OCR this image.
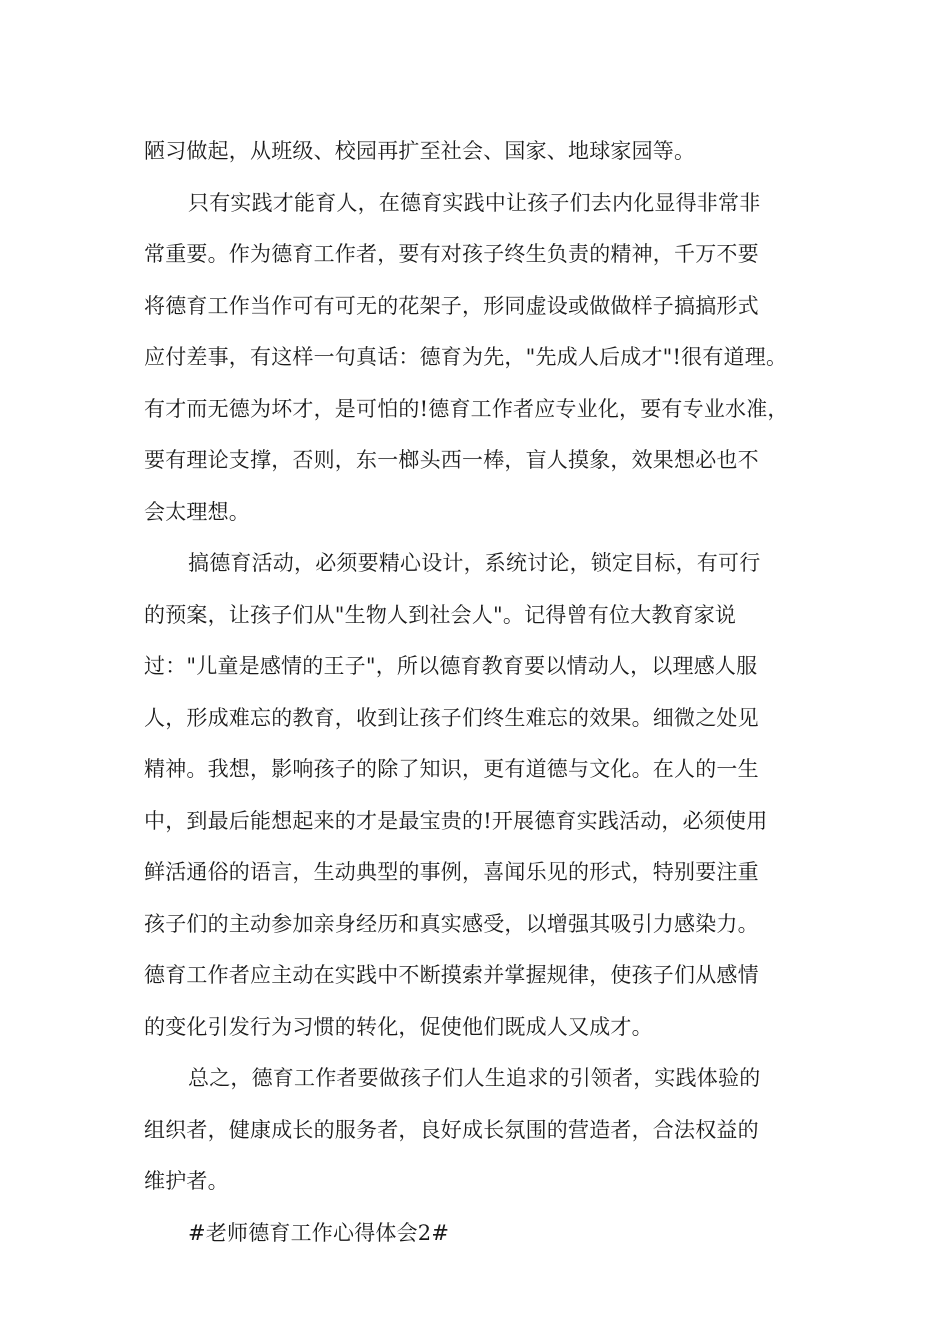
陋习做起，从班级、校园再扩至社会、国家、地球家园等。
只有实践才能育人，在德育实践中让孩子们去内化显得非常非
常重要。作为德育工作者，要有对孩子终生负责的精神，千万不要
将德育工作当作可有可无的花架子，形同虚设或做做样子搞搞形式
应付差事，有这样一句真话：德育为先，"先成人后成才"!很有道理。
有才而无德为坏才，是可怕的!德育工作者应专业化，要有专业水准，
要有理论支撑，否则，东一榔头西一棒，盲人摸象，效果想必也不
会太理想。
搞德育活动，必须要精心设计，系统讨论，锁定目标，有可行
的预案，让孩子们从"生物人到社会人"。记得曾有位大教育家说
过："儿童是感情的王子"，所以德育教育要以情动人，以理感人服
人，形成难忘的教育，收到让孩子们终生难忘的效果。细微之处见
精神。我想，影响孩子的除了知识，更有道德与文化。在人的一生
中，到最后能想起来的才是最宝贵的!开展德育实践活动，必须使用
鲜活通俗的语言，生动典型的事例，喜闻乐见的形式，特别要注重
孩子们的主动参加亲身经历和真实感受，以增强其吸引力感染力。
德育工作者应主动在实践中不断摸索并掌握规律，使孩子们从感情
的变化引发行为习惯的转化，促使他们既成人又成才。
总之，德育工作者要做孩子们人生追求的引领者，实践体验的
组织者，健康成长的服务者，良好成长氛围的营造者，合法权益的
维护者。
#老师德育工作心得体会2#
